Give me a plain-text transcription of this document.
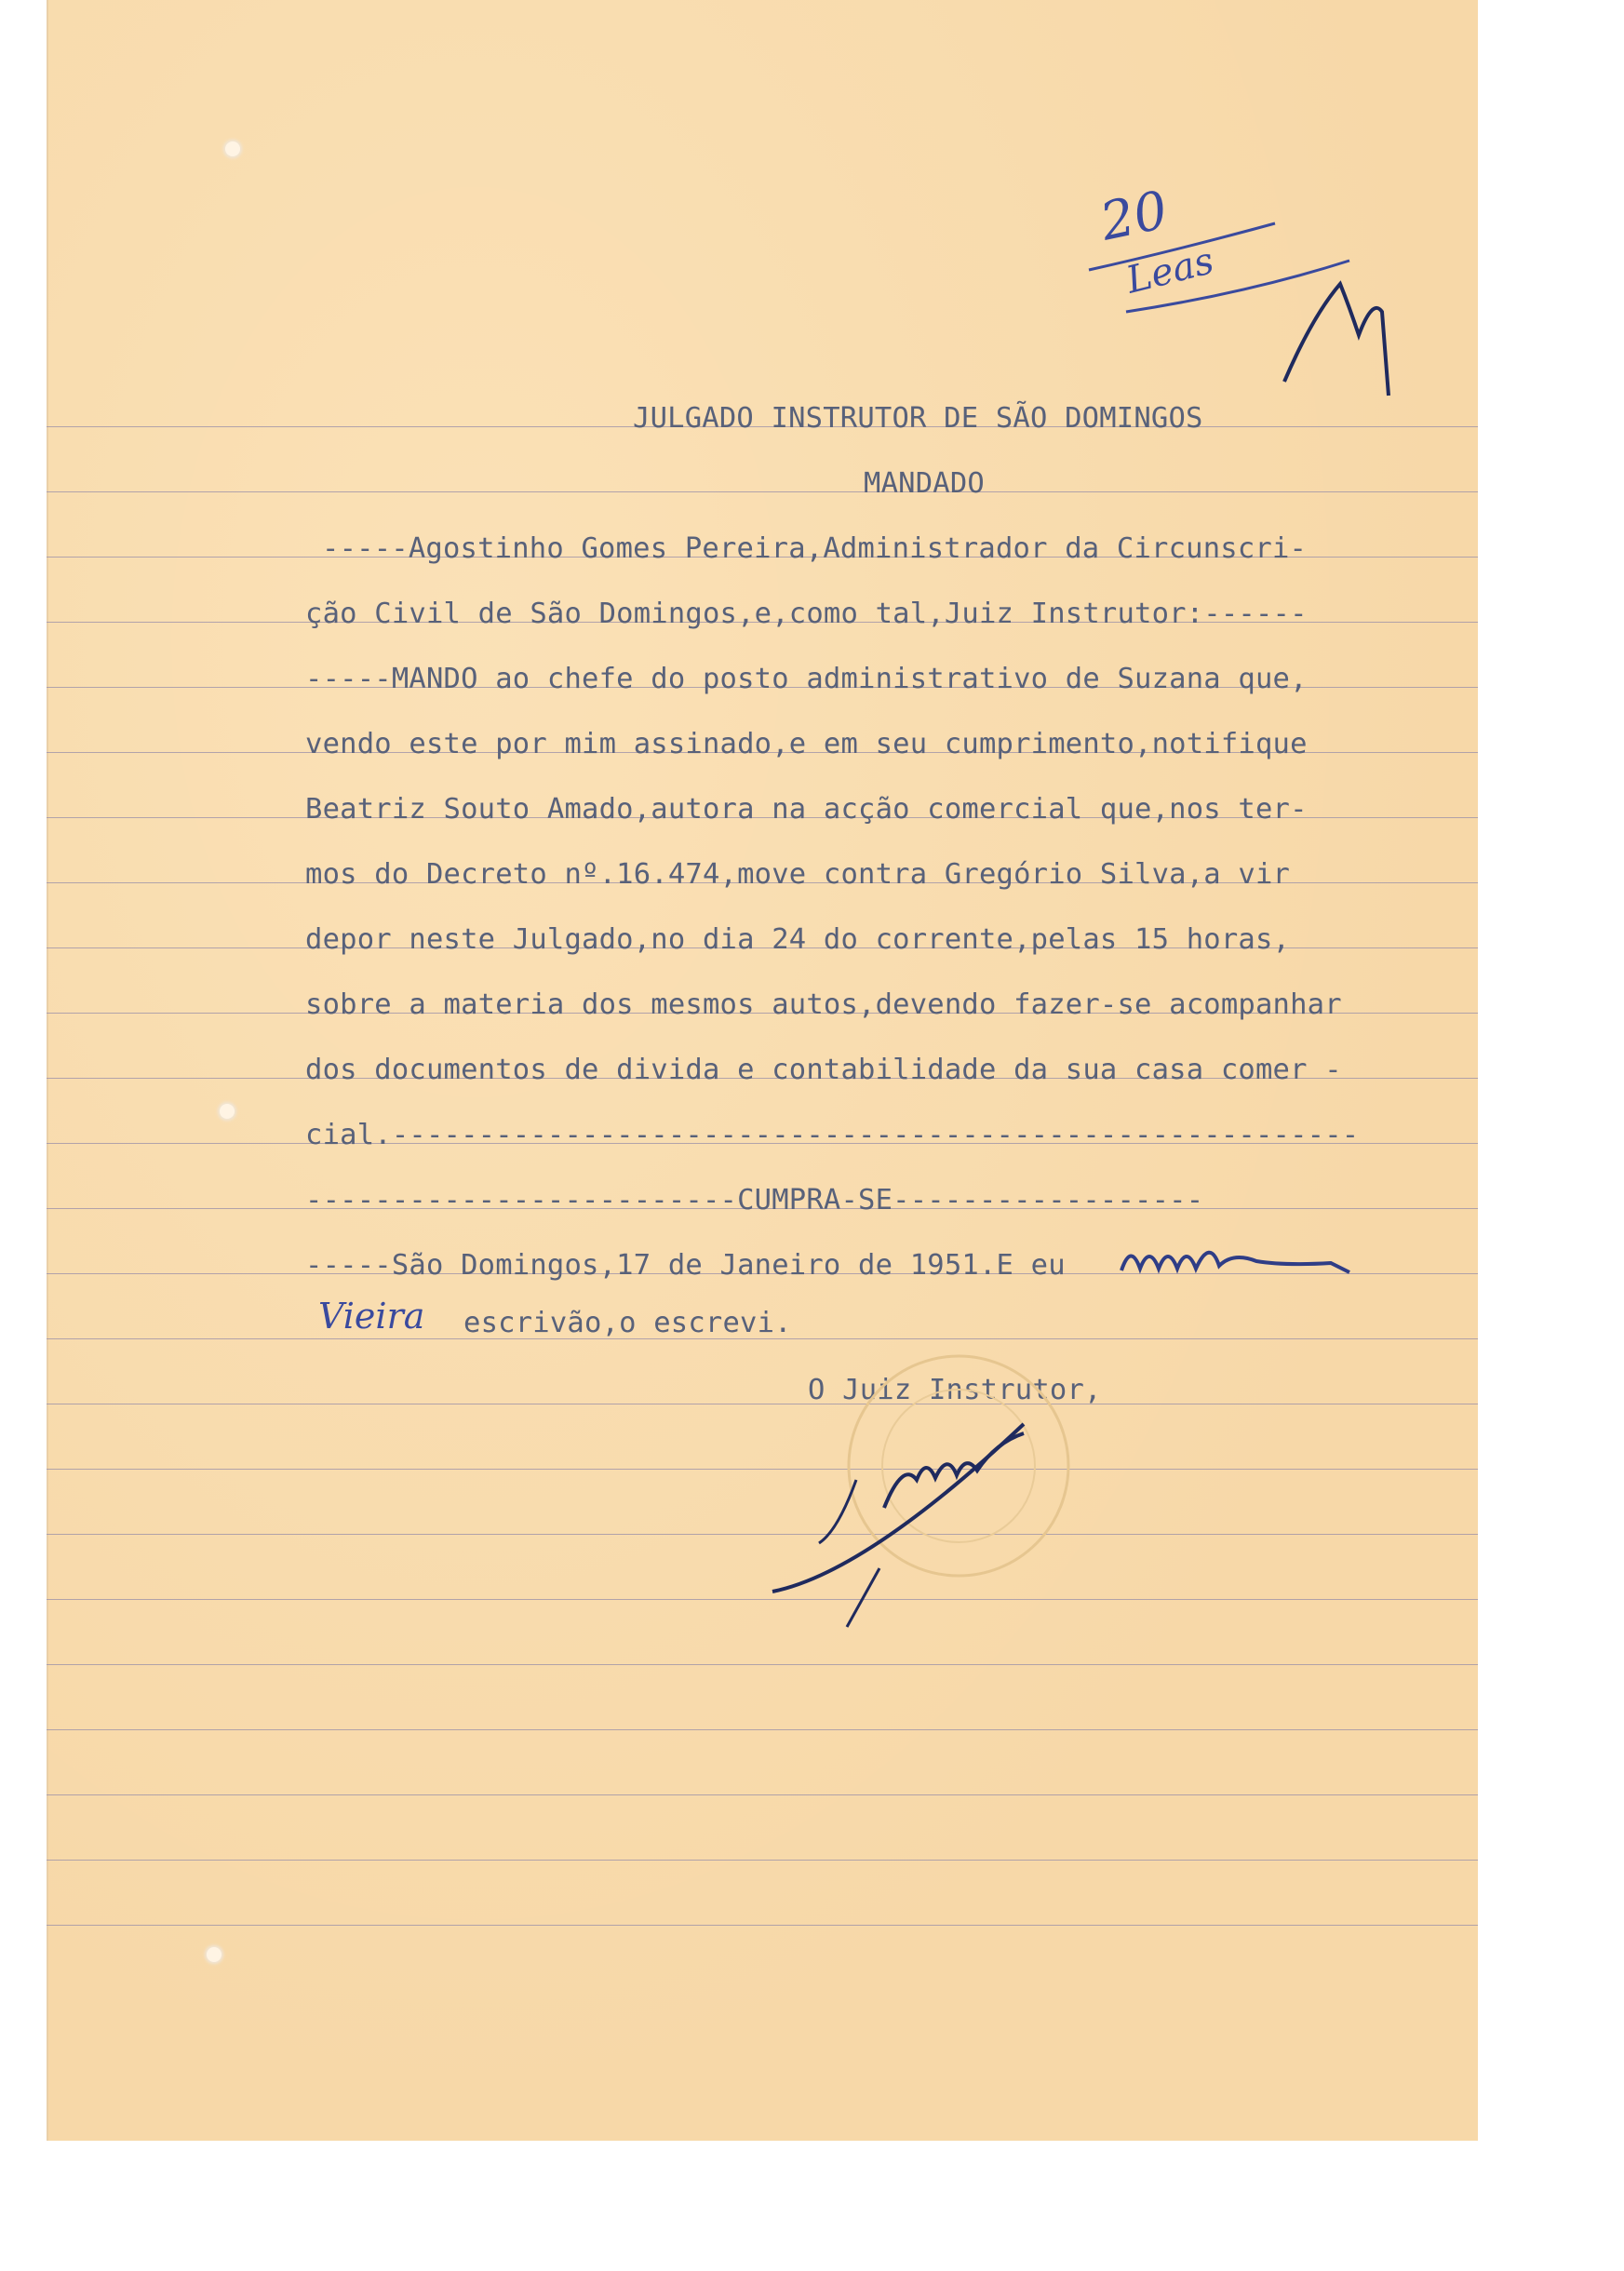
20
Leas
JULGADO INSTRUTOR DE SÃO DOMINGOS
MANDADO
-----Agostinho Gomes Pereira,Administrador da Circunscri-
ção Civil de São Domingos,e,como tal,Juiz Instrutor:------
-----MANDO ao chefe do posto administrativo de Suzana que,
vendo este por mim assinado,e em seu cumprimento,notifique
Beatriz Souto Amado,autora na acção comercial que,nos ter-
mos do Decreto nº.16.474,move contra Gregório Silva,a vir
depor neste Julgado,no dia 24 do corrente,pelas 15 horas,
sobre a materia dos mesmos autos,devendo fazer-se acompanhar
dos documentos de divida e contabilidade da sua casa comer -
cial.--------------------------------------------------------
-------------------------CUMPRA-SE------------------
-----São Domingos,17 de Janeiro de 1951.E eu
Vieira escrivão,o escrevi.
O Juiz Instrutor,
